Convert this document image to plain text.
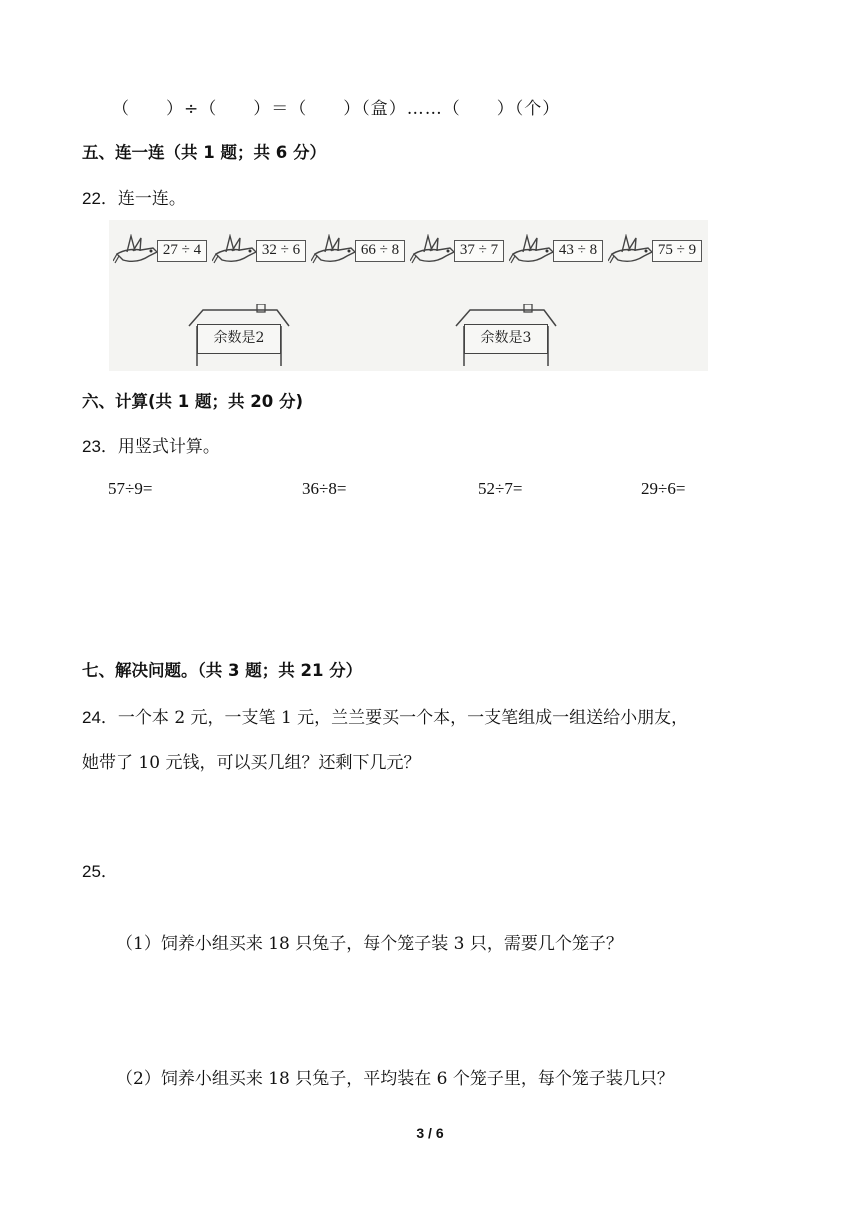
（　　）÷（　　）＝（　　）（盒）……（　　）（个）
五、连一连（共 1 题；共 6 分）
22．连一连。
27 ÷ 4	32 ÷ 6	66 ÷ 8	37 ÷ 7	43 ÷ 8	75 ÷ 9
余数是2	余数是3
六、计算(共 1 题；共 20 分)
23．用竖式计算。
57÷9=	36÷8=	52÷7=	29÷6=
七、解决问题。（共 3 题；共 21 分）
24．一个本 2 元，一支笔 1 元，兰兰要买一个本，一支笔组成一组送给小朋友，
她带了 10 元钱，可以买几组？还剩下几元？
25．
（1）饲养小组买来 18 只兔子，每个笼子装 3 只，需要几个笼子？
（2）饲养小组买来 18 只兔子，平均装在 6 个笼子里，每个笼子装几只？
3 / 6
